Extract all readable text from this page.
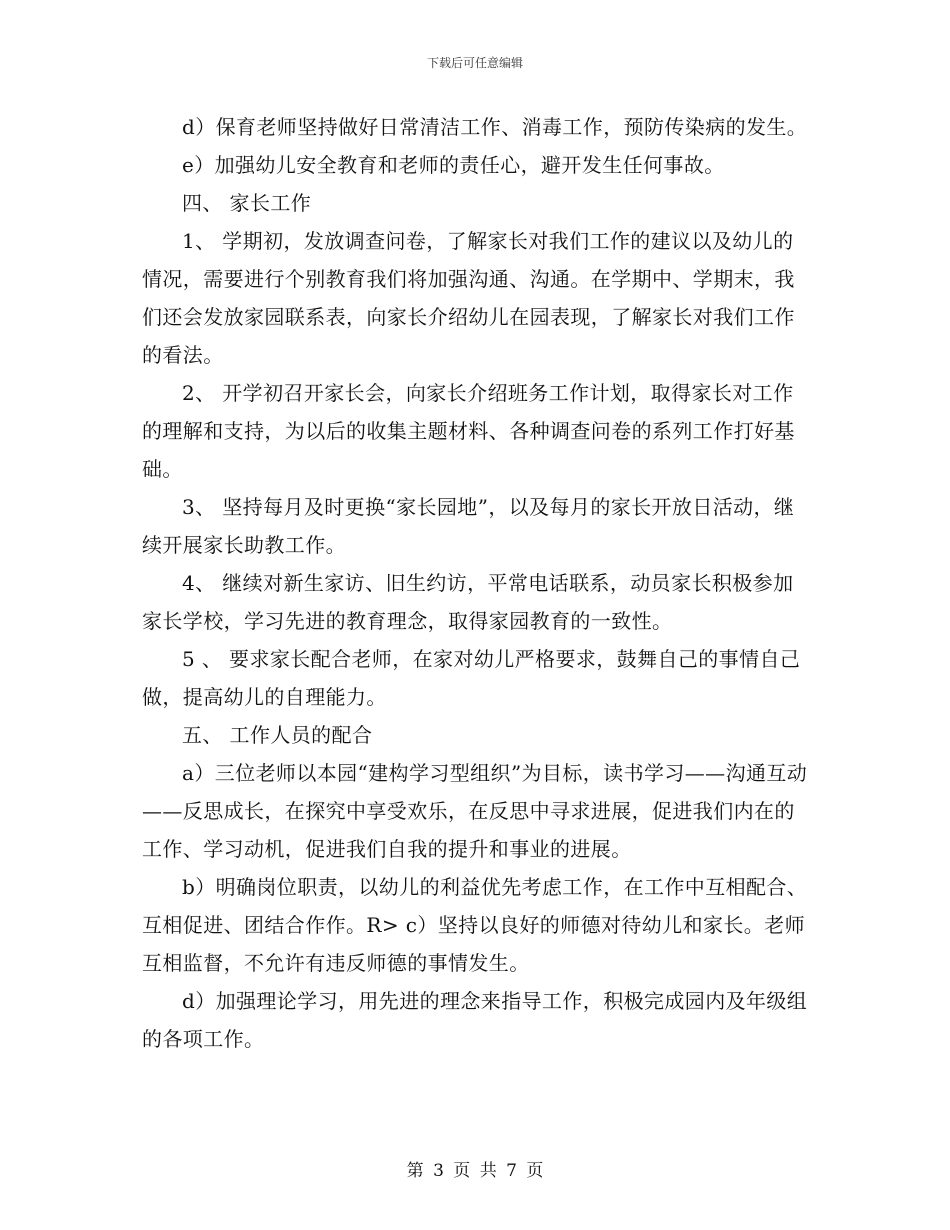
下载后可任意编辑

d）保育老师坚持做好日常清洁工作、消毒工作，预防传染病的发生。

e）加强幼儿安全教育和老师的责任心，避开发生任何事故。

四、 家长工作

1、 学期初，发放调查问卷，了解家长对我们工作的建议以及幼儿的情况，需要进行个别教育我们将加强沟通、沟通。在学期中、学期末，我们还会发放家园联系表，向家长介绍幼儿在园表现，了解家长对我们工作的看法。

2、 开学初召开家长会，向家长介绍班务工作计划，取得家长对工作的理解和支持，为以后的收集主题材料、各种调查问卷的系列工作打好基础。

3、 坚持每月及时更换“家长园地”，以及每月的家长开放日活动，继续开展家长助教工作。

4、 继续对新生家访、旧生约访，平常电话联系，动员家长积极参加家长学校，学习先进的教育理念，取得家园教育的一致性。

5 、 要求家长配合老师，在家对幼儿严格要求，鼓舞自己的事情自己做，提高幼儿的自理能力。

五、 工作人员的配合

a）三位老师以本园“建构学习型组织”为目标，读书学习——沟通互动——反思成长，在探究中享受欢乐，在反思中寻求进展，促进我们内在的工作、学习动机，促进我们自我的提升和事业的进展。

b）明确岗位职责，以幼儿的利益优先考虑工作，在工作中互相配合、互相促进、团结合作作。R> c）坚持以良好的师德对待幼儿和家长。老师互相监督，不允许有违反师德的事情发生。

d）加强理论学习，用先进的理念来指导工作，积极完成园内及年级组的各项工作。

第 3 页 共 7 页
